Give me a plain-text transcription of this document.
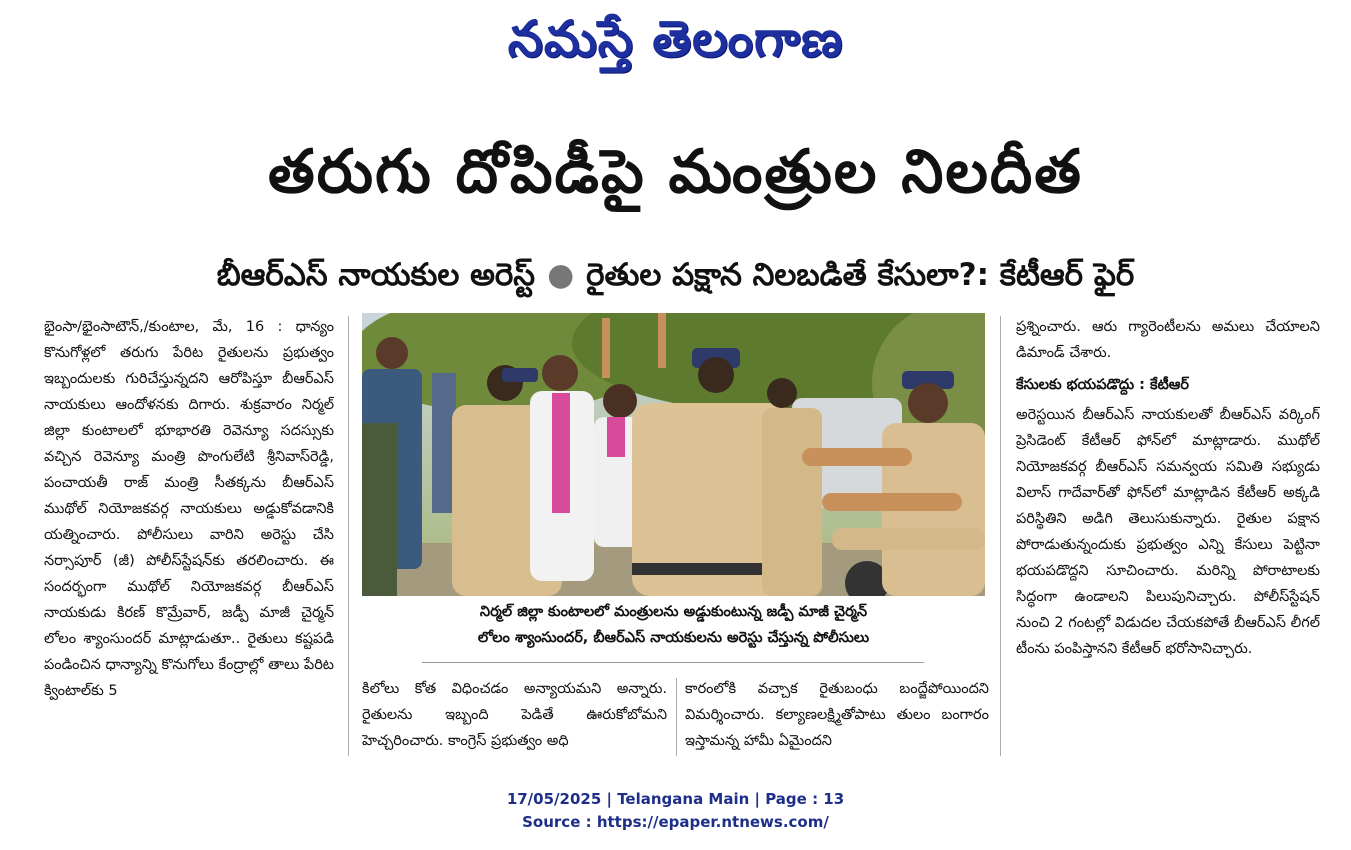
నమస్తే తెలంగాణ
తరుగు దోపిడీపై మంత్రుల నిలదీత
బీఆర్ఎస్ నాయకుల అరెస్ట్ ● రైతుల పక్షాన నిలబడితే కేసులా?: కేటీఆర్ ఫైర్

భైంసా/భైంసాటౌన్,/కుంటాల, మే, 16 : ధాన్యం కొనుగోళ్లలో తరుగు పేరిట రైతులను ప్రభుత్వం ఇబ్బందులకు గురిచేస్తున్నదని ఆరోపిస్తూ బీఆర్ఎస్ నాయకులు ఆందోళనకు దిగారు. శుక్రవారం నిర్మల్ జిల్లా కుంటాలలో భూభారతి రెవెన్యూ సదస్సుకు వచ్చిన రెవెన్యూ మంత్రి పొంగులేటి శ్రీనివాస్‌రెడ్డి, పంచాయతీ రాజ్ మంత్రి సీతక్కను బీఆర్ఎస్ ముథోల్ నియోజకవర్గ నాయకులు అడ్డుకోవడానికి యత్నించారు. పోలీసులు వారిని అరెస్టు చేసి నర్సాపూర్ (జీ) పోలీస్‌స్టేషన్‌కు తరలించారు. ఈ సందర్భంగా ముథోల్ నియోజకవర్గ బీఆర్ఎస్ నాయకుడు కిరణ్ కొమ్రేవార్, జడ్పీ మాజీ చైర్మన్ లోలం శ్యాంసుందర్ మాట్లాడుతూ.. రైతులు కష్టపడి పండించిన ధాన్యాన్ని కొనుగోలు కేంద్రాల్లో తాలు పేరిట క్వింటాల్‌కు 5

నిర్మల్ జిల్లా కుంటాలలో మంత్రులను అడ్డుకుంటున్న జడ్పీ మాజీ చైర్మన్
లోలం శ్యాంసుందర్, బీఆర్ఎస్ నాయకులను అరెస్టు చేస్తున్న పోలీసులు

కిలోలు కోత విధించడం అన్యాయమని అన్నారు. రైతులను ఇబ్బంది పెడితే ఊరుకోబోమని హెచ్చరించారు. కాంగ్రెస్ ప్రభుత్వం అధి

కారంలోకి వచ్చాక రైతుబంధు బంద్జేపోయిందని విమర్శించారు. కల్యాణలక్ష్మితోపాటు తులం బంగారం ఇస్తామన్న హామీ ఏమైందని

ప్రశ్నించారు. ఆరు గ్యారెంటీలను అమలు చేయాలని డిమాండ్ చేశారు.

కేసులకు భయపడొద్దు : కేటీఆర్

అరెస్టయిన బీఆర్ఎస్ నాయకులతో బీఆర్ఎస్ వర్కింగ్ ప్రెసిడెంట్ కేటీఆర్ ఫోన్‌లో మాట్లాడారు. ముథోల్ నియోజకవర్గ బీఆర్ఎస్ సమన్వయ సమితి సభ్యుడు విలాస్ గాదేవార్‌తో ఫోన్‌లో మాట్లాడిన కేటీఆర్ అక్కడి పరిస్థితిని అడిగి తెలుసుకున్నారు. రైతుల పక్షాన పోరాడుతున్నందుకు ప్రభుత్వం ఎన్ని కేసులు పెట్టినా భయపడొద్దని సూచించారు. మరిన్ని పోరాటాలకు సిద్ధంగా ఉండాలని పిలుపునిచ్చారు. పోలీస్‌స్టేషన్ నుంచి 2 గంటల్లో విడుదల చేయకపోతే బీఆర్ఎస్ లీగల్ టీంను పంపిస్తానని కేటీఆర్ భరోసానిచ్చారు.

17/05/2025 | Telangana Main | Page : 13
Source : https://epaper.ntnews.com/
